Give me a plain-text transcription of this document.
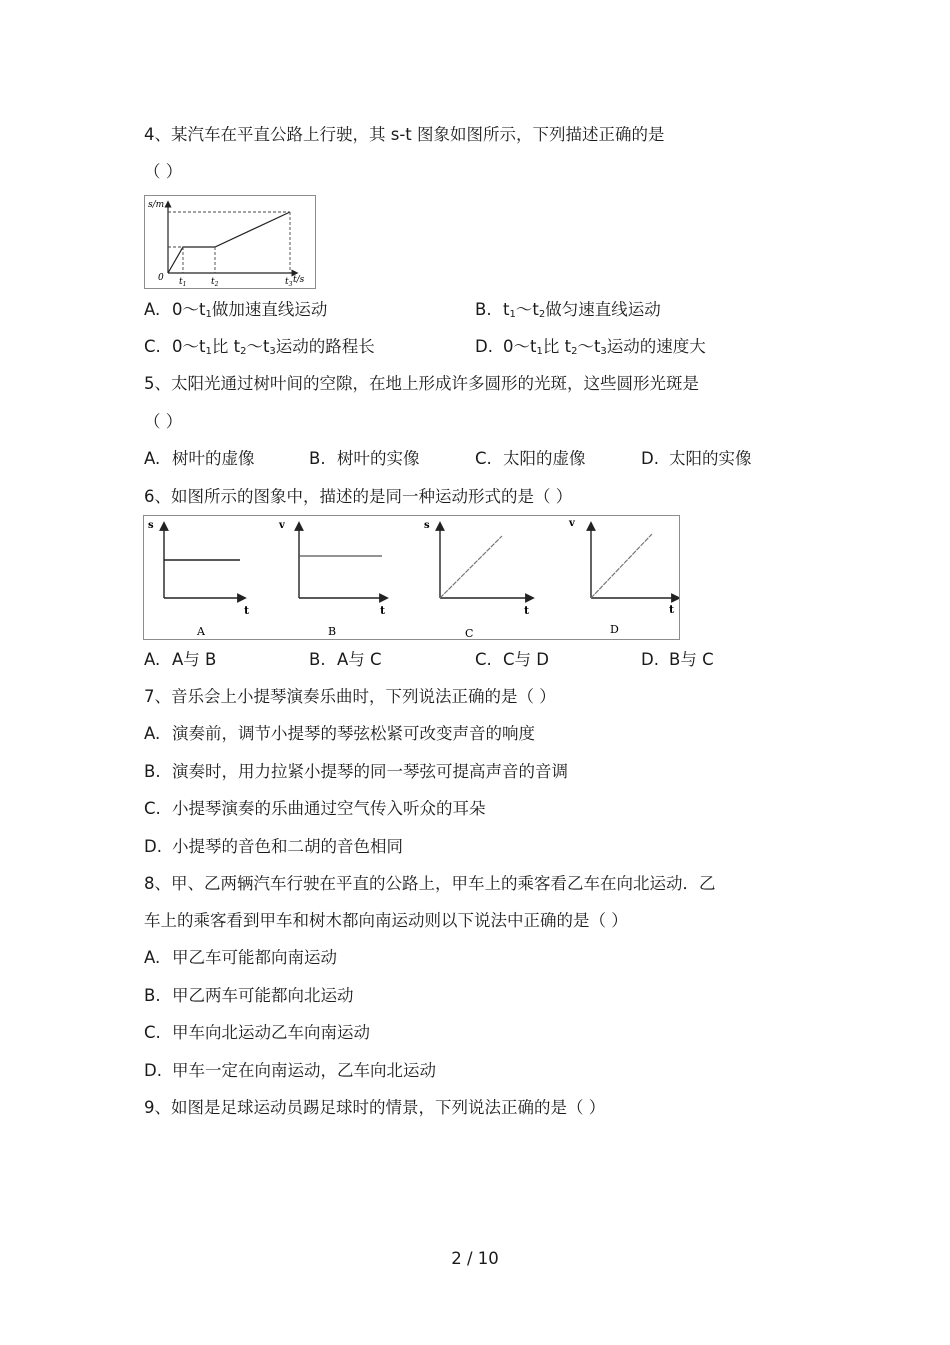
4、某汽车在平直公路上行驶，其 s-t 图象如图所示，下列描述正确的是
（ ）
s/m
t/s
0 $t_1$	$t_2$	$t_3$
A. $0\sim t_1$做加速直线运动	B. $t_1\sim t_2$做匀速直线运动
C. $0\sim t_1$比 $t_2\sim t_3$运动的路程长	D. $0\sim t_1$比 $t_2\sim t_3$运动的速度大
5、太阳光通过树叶间的空隙，在地上形成许多圆形的光斑，这些圆形光斑是
（ ）
A. 树叶的虚像	B. 树叶的实像	C. 太阳的虚像	D. 太阳的实像
6、如图所示的图象中，描述的是同一种运动形式的是（ ）
s
t
A
v
t
B
s
t
C
v
t
D
A. A与 B	B. A与 C	C. C与 D	D. B与 C
7、音乐会上小提琴演奏乐曲时，下列说法正确的是（ ）
A. 演奏前，调节小提琴的琴弦松紧可改变声音的响度
B. 演奏时，用力拉紧小提琴的同一琴弦可提高声音的音调
C. 小提琴演奏的乐曲通过空气传入听众的耳朵
D. 小提琴的音色和二胡的音色相同
8、甲、乙两辆汽车行驶在平直的公路上，甲车上的乘客看乙车在向北运动．乙
车上的乘客看到甲车和树木都向南运动则以下说法中正确的是（ ）
A. 甲乙车可能都向南运动
B. 甲乙两车可能都向北运动
C. 甲车向北运动乙车向南运动
D. 甲车一定在向南运动，乙车向北运动
9、如图是足球运动员踢足球时的情景，下列说法正确的是（ ）
2 / 10
